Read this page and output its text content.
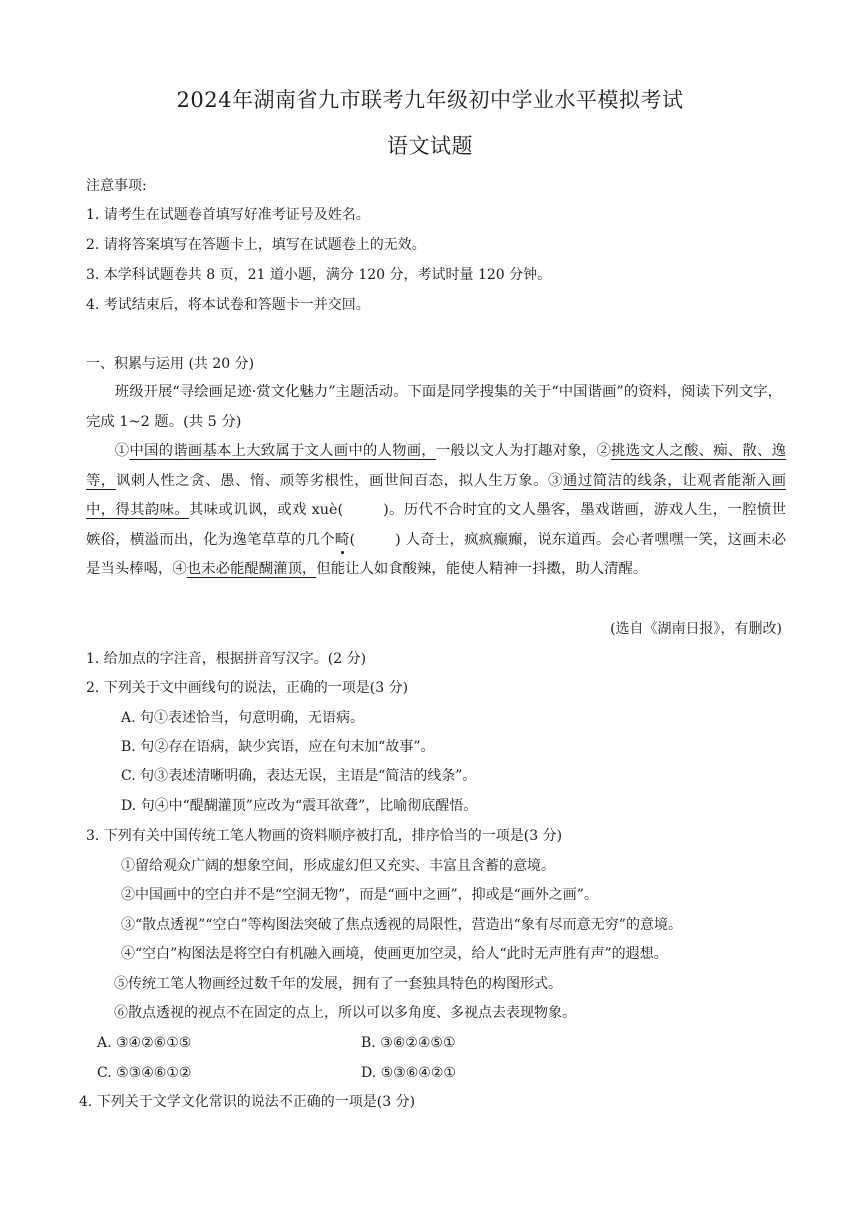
2024年湖南省九市联考九年级初中学业水平模拟考试
语文试题
注意事项:
1. 请考生在试题卷首填写好准考证号及姓名。
2. 请将答案填写在答题卡上，填写在试题卷上的无效。
3. 本学科试题卷共 8 页，21 道小题，满分 120 分，考试时量 120 分钟。
4. 考试结束后，将本试卷和答题卡一并交回。
一、积累与运用 (共 20 分)
班级开展“寻绘画足迹·赏文化魅力”主题活动。下面是同学搜集的关于“中国谐画”的资料，阅读下列文字，完成 1~2 题。(共 5 分)
①中国的谐画基本上大致属于文人画中的人物画，一般以文人为打趣对象，②挑选文人之酸、痴、散、逸等，讽刺人性之贪、愚、惰、顽等劣根性，画世间百态，拟人生万象。③通过简洁的线条，让观者能渐入画中，得其韵味。其味或讥讽，或戏 xuè(	)。历代不合时宜的文人墨客，墨戏谐画，游戏人生，一腔愤世嫉俗，横溢而出，化为逸笔草草的几个畸(	) 人奇士，疯疯癫癫，说东道西。会心者嘿嘿一笑，这画未必是当头棒喝，④也未必能醍醐灌顶，但能让人如食酸辣，能使人精神一抖擞，助人清醒。
(选自《湖南日报》，有删改)
1. 给加点的字注音，根据拼音写汉字。(2 分)
2. 下列关于文中画线句的说法，正确的一项是(3 分)
A. 句①表述恰当，句意明确，无语病。
B. 句②存在语病，缺少宾语，应在句末加“故事”。
C. 句③表述清晰明确，表达无误，主语是“简洁的线条”。
D. 句④中“醍醐灌顶”应改为“震耳欲聋”，比喻彻底醒悟。
3. 下列有关中国传统工笔人物画的资料顺序被打乱，排序恰当的一项是(3 分)
①留给观众广阔的想象空间，形成虚幻但又充实、丰富且含蓄的意境。
②中国画中的空白并不是“空洞无物”，而是“画中之画”，抑或是“画外之画”。
③“散点透视”“空白”等构图法突破了焦点透视的局限性，营造出“象有尽而意无穷”的意境。
④“空白”构图法是将空白有机融入画境，使画更加空灵，给人“此时无声胜有声”的遐想。
⑤传统工笔人物画经过数千年的发展，拥有了一套独具特色的构图形式。
⑥散点透视的视点不在固定的点上，所以可以多角度、多视点去表现物象。
A. ③④②⑥①⑤	B. ③⑥②④⑤①
C. ⑤③④⑥①②	D. ⑤③⑥④②①
4. 下列关于文学文化常识的说法不正确的一项是(3 分)
